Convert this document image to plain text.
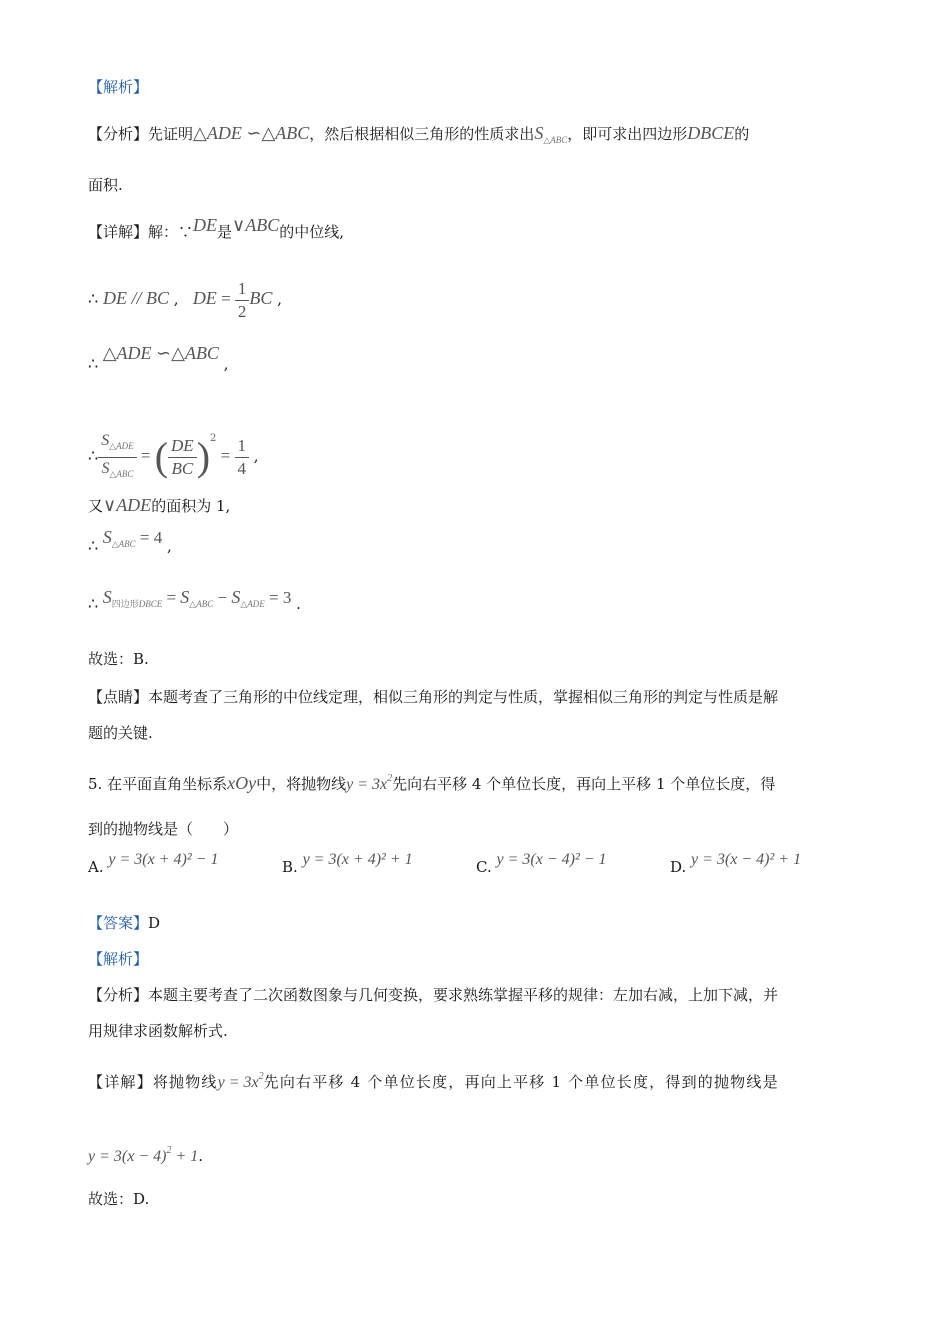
【解析】
【分析】先证明△ADE ∽△ABC，然后根据相似三角形的性质求出$S_{\triangle ABC}$，即可求出四边形DBCE的
面积.
【详解】解：∵DE是∨ABC的中位线,
∴ DE // BC ,   DE = $\frac{1}{2}$ BC ,
∴ △ADE ∽△ABC ,
∴ $\frac{S_{\triangle ADE}}{S_{\triangle ABC}}$ = ( $\frac{DE}{BC} )^2 = \frac{1}{4}$ ,
又∨ADE的面积为 1,
∴ $S_{\triangle ABC} = 4$ ,
∴ $S_{四边形DBCE} = S_{\triangle ABC} - S_{\triangle ADE} = 3$ .
故选：B.
【点睛】本题考查了三角形的中位线定理，相似三角形的判定与性质，掌握相似三角形的判定与性质是解
题的关键.
5. 在平面直角坐标系xOy中，将抛物线$y = 3x^2$先向右平移 4 个单位长度，再向上平移 1 个单位长度，得
到的抛物线是（　　）
A. y = 3(x + 4)² − 1	B. y = 3(x + 4)² + 1	C. y = 3(x − 4)² − 1	D. y = 3(x − 4)² + 1
【答案】D
【解析】
【分析】本题主要考查了二次函数图象与几何变换，要求熟练掌握平移的规律：左加右减，上加下减，并
用规律求函数解析式.
【详解】将抛物线$y = 3x^2$先向右平移 4 个单位长度，再向上平移 1 个单位长度，得到的抛物线是
$y = 3(x - 4)^2 + 1$.
故选：D.
